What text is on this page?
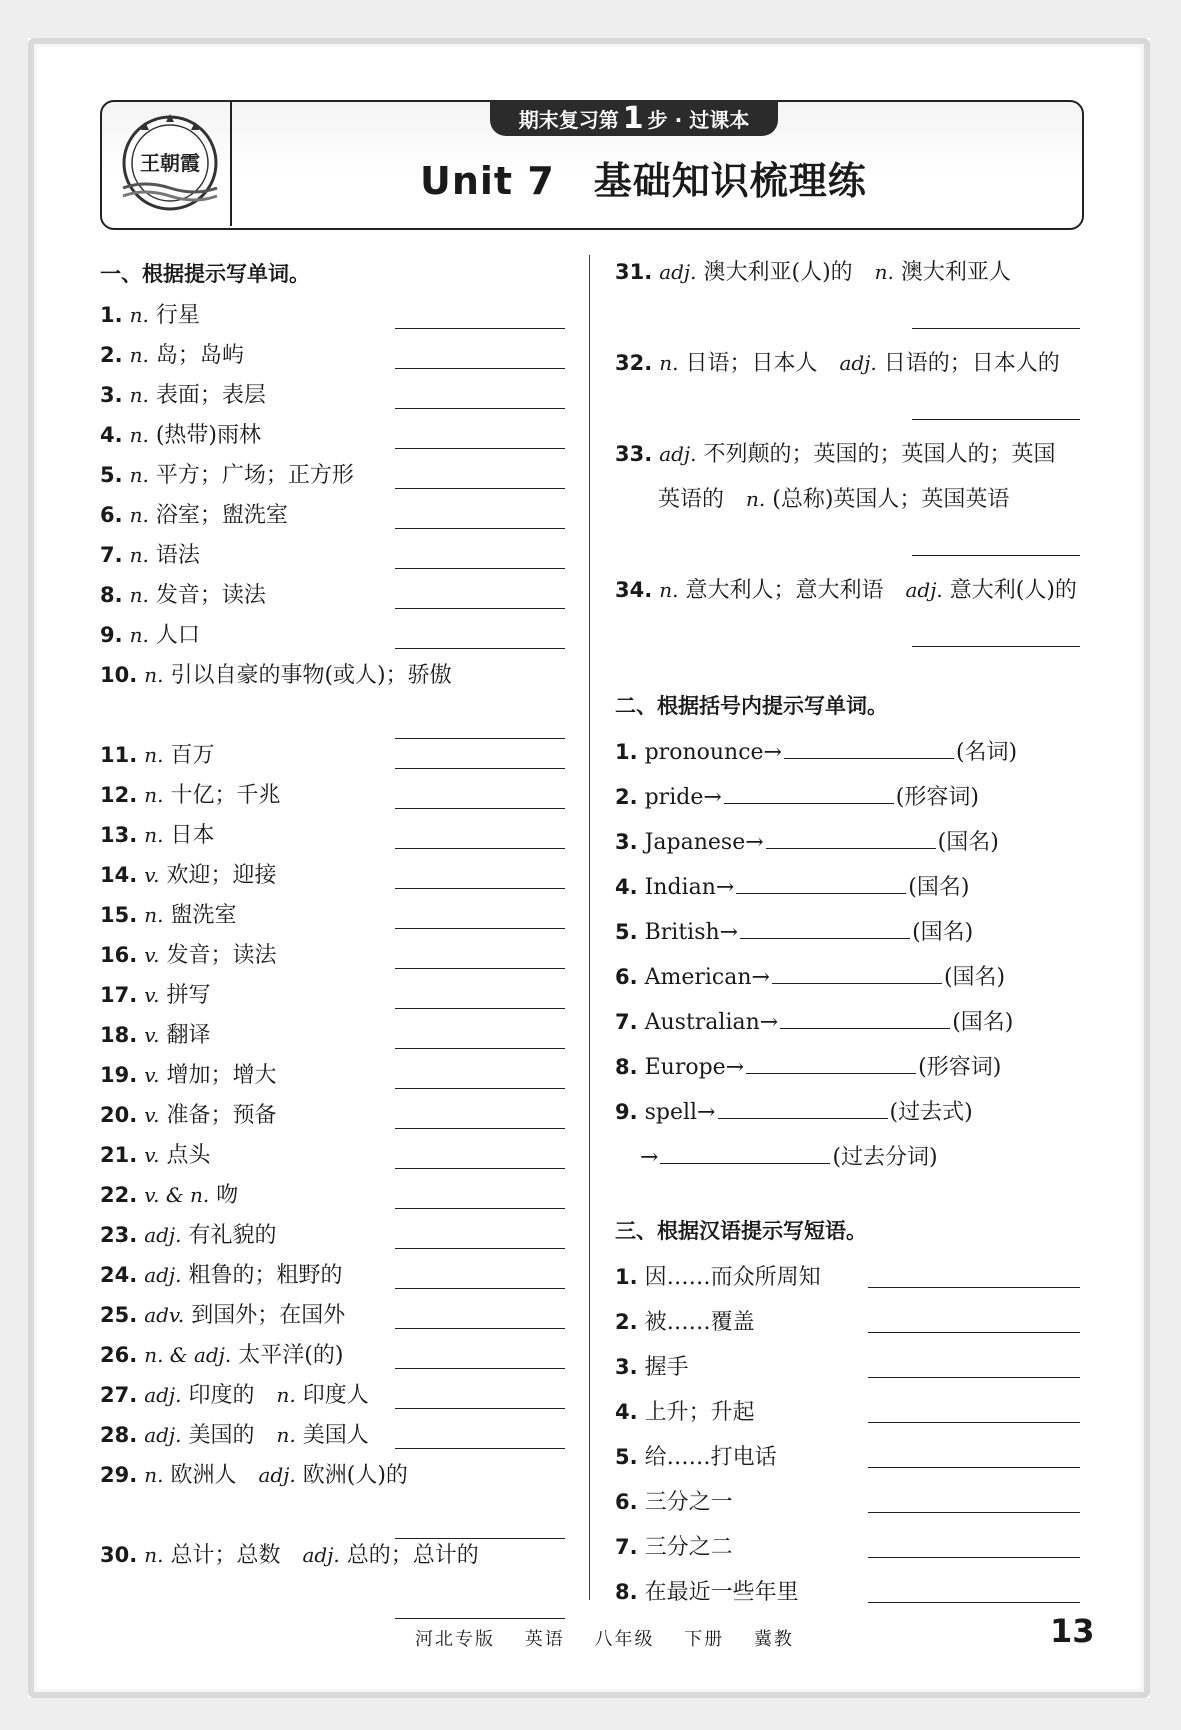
王朝霞
期末复习第 1 步 · 过课本
Unit 7　基础知识梳理练
一、根据提示写单词。
1. n. 行星
2. n. 岛；岛屿
3. n. 表面；表层
4. n. (热带)雨林
5. n. 平方；广场；正方形
6. n. 浴室；盥洗室
7. n. 语法
8. n. 发音；读法
9. n. 人口
10. n. 引以自豪的事物(或人)；骄傲
11. n. 百万
12. n. 十亿；千兆
13. n. 日本
14. v. 欢迎；迎接
15. n. 盥洗室
16. v. 发音；读法
17. v. 拼写
18. v. 翻译
19. v. 增加；增大
20. v. 准备；预备
21. v. 点头
22. v. & n. 吻
23. adj. 有礼貌的
24. adj. 粗鲁的；粗野的
25. adv. 到国外；在国外
26. n. & adj. 太平洋(的)
27. adj. 印度的　n. 印度人
28. adj. 美国的　n. 美国人
29. n. 欧洲人　adj. 欧洲(人)的
30. n. 总计；总数　adj. 总的；总计的
31. adj. 澳大利亚(人)的　n. 澳大利亚人
32. n. 日语；日本人　adj. 日语的；日本人的
33. adj. 不列颠的；英国的；英国人的；英国
英语的　n. (总称)英国人；英国英语
34. n. 意大利人；意大利语　adj. 意大利(人)的
二、根据括号内提示写单词。
1. pronounce→	(名词)
2. pride→	(形容词)
3. Japanese→	(国名)
4. Indian→	(国名)
5. British→	(国名)
6. American→	(国名)
7. Australian→	(国名)
8. Europe→	(形容词)
9. spell→	(过去式)
→	(过去分词)
三、根据汉语提示写短语。
1. 因……而众所周知
2. 被……覆盖
3. 握手
4. 上升；升起
5. 给……打电话
6. 三分之一
7. 三分之二
8. 在最近一些年里
河北专版 英语 八年级 下册 冀教	13
